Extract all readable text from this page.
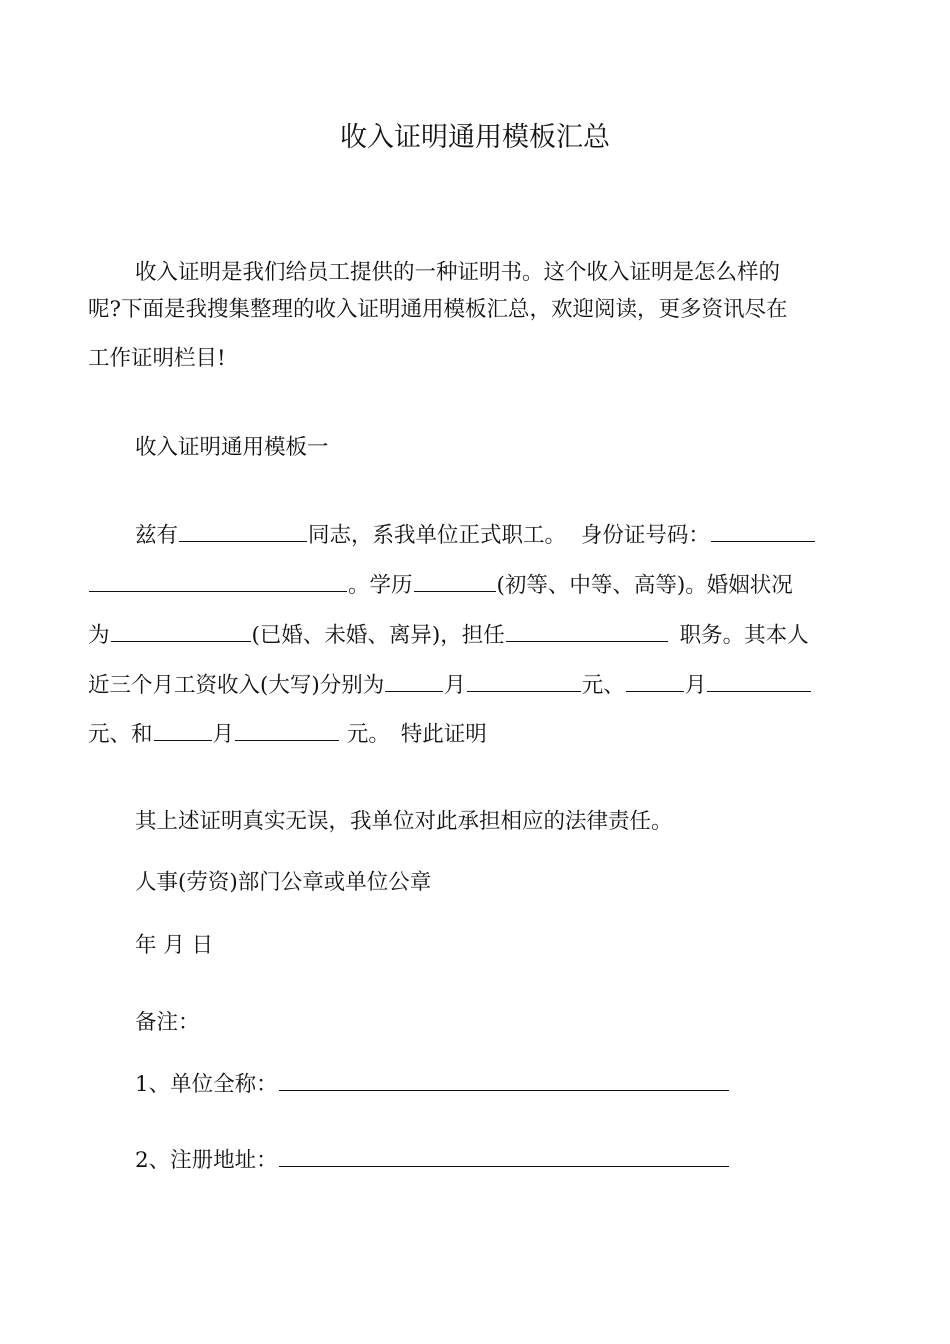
收入证明通用模板汇总
收入证明是我们给员工提供的一种证明书。这个收入证明是怎么样的
呢?下面是我搜集整理的收入证明通用模板汇总，欢迎阅读，更多资讯尽在
工作证明栏目!
收入证明通用模板一
兹有	同志，系我单位正式职工。 身份证号码：
。学历	(初等、中等、高等)。婚姻状况
为	(已婚、未婚、离异)，担任	职务。其本人
近三个月工资收入(大写)分别为	月	元、	月
元、和	月	元。 特此证明
其上述证明真实无误，我单位对此承担相应的法律责任。
人事(劳资)部门公章或单位公章
年 月 日
备注：
1、单位全称：
2、注册地址：
